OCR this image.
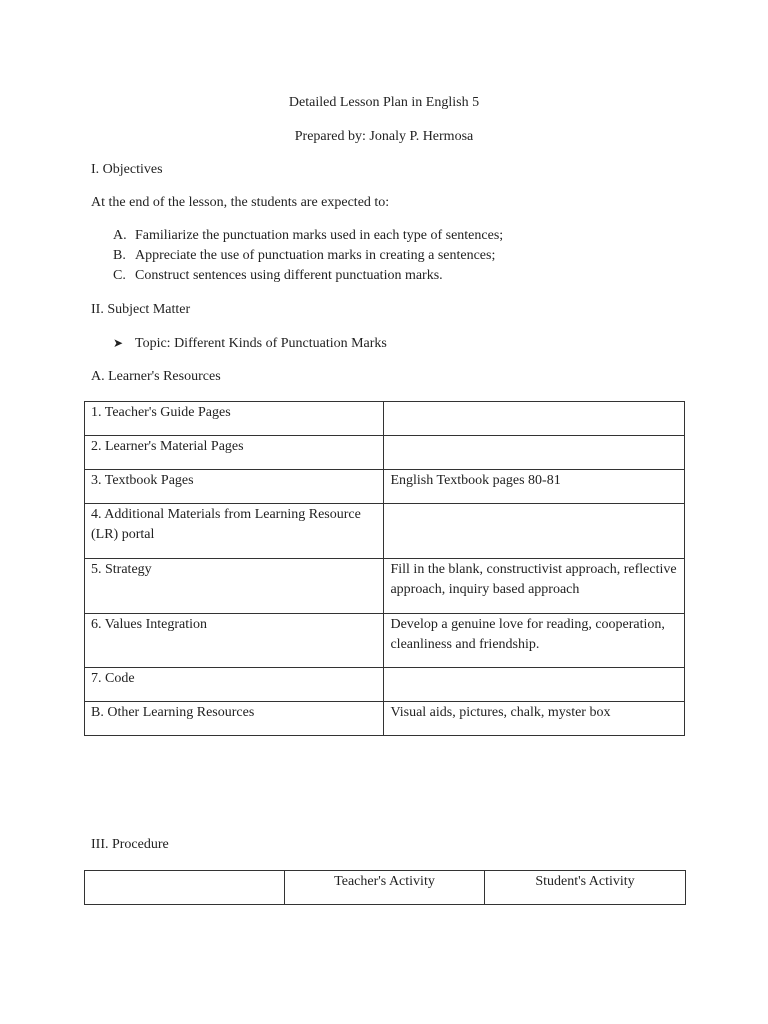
Detailed Lesson Plan in English 5
Prepared by: Jonaly P. Hermosa
I. Objectives
At the end of the lesson, the students are expected to:
A. Familiarize the punctuation marks used in each type of sentences;
B. Appreciate the use of punctuation marks in creating a sentences;
C. Construct sentences using different punctuation marks.
II. Subject Matter
➤ Topic: Different Kinds of Punctuation Marks
A. Learner's Resources
1. Teacher's Guide Pages	
2. Learner's Material Pages	
3. Textbook Pages	English Textbook pages 80-81
4. Additional Materials from Learning Resource (LR) portal	
5. Strategy	Fill in the blank, constructivist approach, reflective approach, inquiry based approach
6. Values Integration	Develop a genuine love for reading, cooperation, cleanliness and friendship.
7. Code	
B. Other Learning Resources	Visual aids, pictures, chalk, myster box
III. Procedure
	Teacher's Activity	Student's Activity
